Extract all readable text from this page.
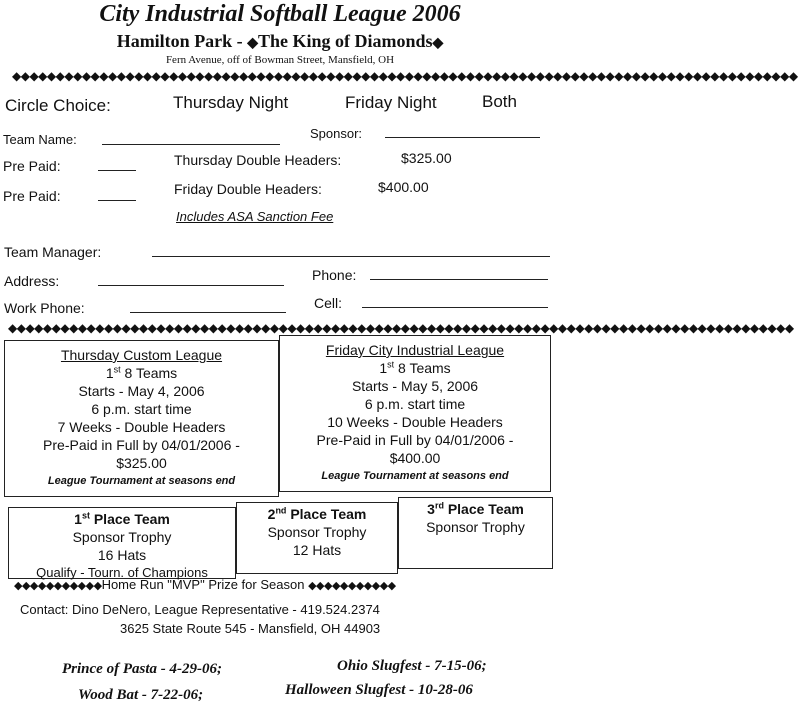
City Industrial Softball League 2006
Hamilton Park - ◆The King of Diamonds◆
Fern Avenue, off of Bowman Street, Mansfield, OH
◆◆◆◆◆◆◆◆◆◆◆◆◆◆◆◆◆◆◆◆◆◆◆◆◆◆◆◆◆◆◆◆◆◆◆◆◆◆◆◆◆◆◆◆◆◆◆◆◆◆◆◆◆◆◆◆◆◆◆◆◆◆◆◆◆◆◆◆◆◆◆◆◆◆◆◆◆◆◆◆◆◆◆◆◆◆◆◆◆◆
Circle Choice:	Thursday Night	Friday Night	Both
Team Name:	Sponsor:
Pre Paid:	Thursday Double Headers:	$325.00
Pre Paid:	Friday Double Headers:	$400.00
Includes ASA Sanction Fee
Team Manager:
Address:	Phone:
Work Phone:	Cell:
◆◆◆◆◆◆◆◆◆◆◆◆◆◆◆◆◆◆◆◆◆◆◆◆◆◆◆◆◆◆◆◆◆◆◆◆◆◆◆◆◆◆◆◆◆◆◆◆◆◆◆◆◆◆◆◆◆◆◆◆◆◆◆◆◆◆◆◆◆◆◆◆◆◆◆◆◆◆◆◆◆◆◆◆◆◆◆◆◆◆
Thursday Custom League
1st 8 Teams
Starts - May 4, 2006
6 p.m. start time
7 Weeks - Double Headers
Pre-Paid in Full by 04/01/2006 -
$325.00
League Tournament at seasons end
Friday City Industrial League
1st 8 Teams
Starts - May 5, 2006
6 p.m. start time
10 Weeks - Double Headers
Pre-Paid in Full by 04/01/2006 -
$400.00
League Tournament at seasons end
1st Place Team
Sponsor Trophy
16 Hats
Qualify - Tourn. of Champions
2nd Place Team
Sponsor Trophy
12 Hats
3rd Place Team
Sponsor Trophy
◆◆◆◆◆◆◆◆◆◆◆Home Run "MVP" Prize for Season ◆◆◆◆◆◆◆◆◆◆◆
Contact: Dino DeNero, League Representative - 419.524.2374
3625 State Route 545 - Mansfield, OH 44903
Prince of Pasta - 4-29-06;	Ohio Slugfest - 7-15-06;
Wood Bat - 7-22-06;	Halloween Slugfest - 10-28-06
